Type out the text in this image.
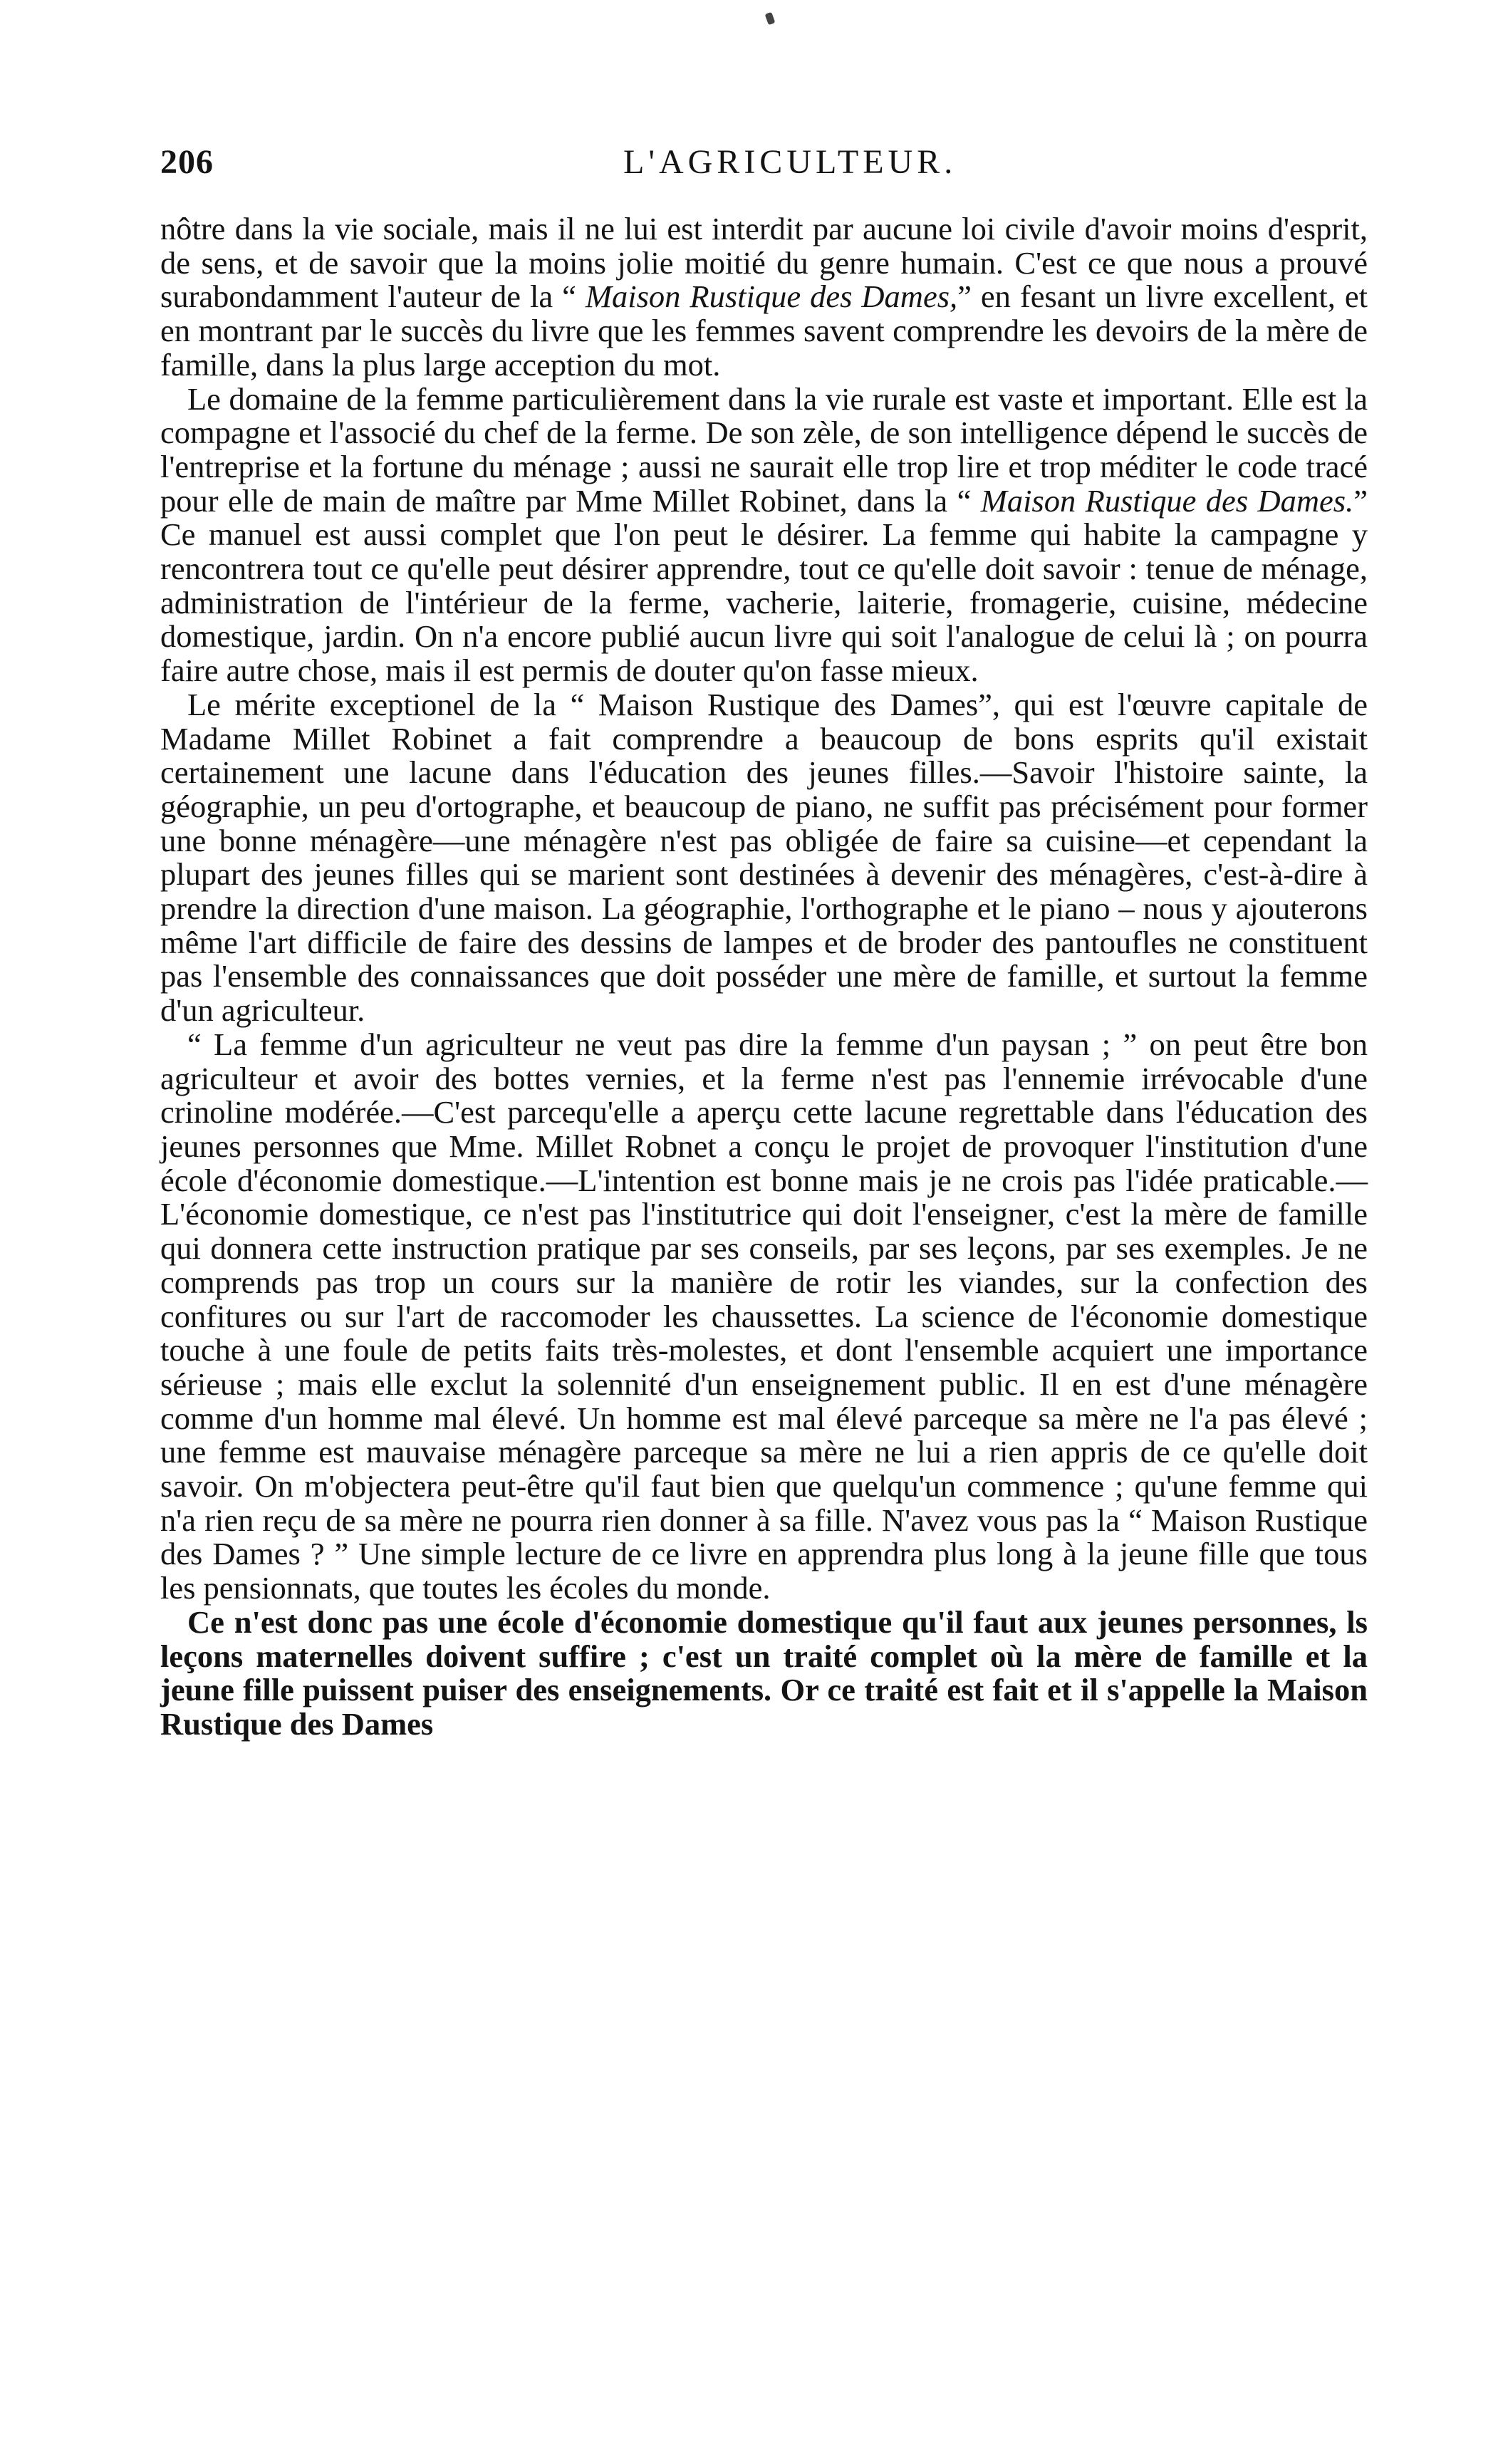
206	L'AGRICULTEUR.

nôtre dans la vie sociale, mais il ne lui est interdit par aucune loi civile d'avoir moins d'esprit, de sens, et de savoir que la moins jolie moitié du genre humain. C'est ce que nous a prouvé surabondamment l'auteur de la “ Maison Rustique des Dames,” en fesant un livre excellent, et en montrant par le succès du livre que les femmes savent comprendre les devoirs de la mère de famille, dans la plus large acception du mot.

Le domaine de la femme particulièrement dans la vie rurale est vaste et important. Elle est la compagne et l'associé du chef de la ferme. De son zèle, de son intelligence dépend le succès de l'entreprise et la fortune du ménage ; aussi ne saurait elle trop lire et trop méditer le code tracé pour elle de main de maître par Mme Millet Robinet, dans la “ Maison Rustique des Dames.” Ce manuel est aussi complet que l'on peut le désirer. La femme qui habite la campagne y rencontrera tout ce qu'elle peut désirer apprendre, tout ce qu'elle doit savoir : tenue de ménage, administration de l'intérieur de la ferme, vacherie, laiterie, fromagerie, cuisine, médecine domestique, jardin. On n'a encore publié aucun livre qui soit l'analogue de celui là ; on pourra faire autre chose, mais il est permis de douter qu'on fasse mieux.

Le mérite exceptionel de la “ Maison Rustique des Dames”, qui est l'œuvre capitale de Madame Millet Robinet a fait comprendre a beaucoup de bons esprits qu'il existait certainement une lacune dans l'éducation des jeunes filles.—Savoir l'histoire sainte, la géographie, un peu d'ortographe, et beaucoup de piano, ne suffit pas précisément pour former une bonne ménagère—une ménagère n'est pas obligée de faire sa cuisine—et cependant la plupart des jeunes filles qui se marient sont destinées à devenir des ménagères, c'est-à-dire à prendre la direction d'une maison. La géographie, l'orthographe et le piano – nous y ajouterons même l'art difficile de faire des dessins de lampes et de broder des pantoufles ne constituent pas l'ensemble des connaissances que doit posséder une mère de famille, et surtout la femme d'un agriculteur.

“ La femme d'un agriculteur ne veut pas dire la femme d'un paysan ; ” on peut être bon agriculteur et avoir des bottes vernies, et la ferme n'est pas l'ennemie irrévocable d'une crinoline modérée.—C'est parcequ'elle a aperçu cette lacune regrettable dans l'éducation des jeunes personnes que Mme. Millet Robnet a conçu le projet de provoquer l'institution d'une école d'économie domestique.—L'intention est bonne mais je ne crois pas l'idée praticable.—L'économie domestique, ce n'est pas l'institutrice qui doit l'enseigner, c'est la mère de famille qui donnera cette instruction pratique par ses conseils, par ses leçons, par ses exemples. Je ne comprends pas trop un cours sur la manière de rotir les viandes, sur la confection des confitures ou sur l'art de raccomoder les chaussettes. La science de l'économie domestique touche à une foule de petits faits très-molestes, et dont l'ensemble acquiert une importance sérieuse ; mais elle exclut la solennité d'un enseignement public. Il en est d'une ménagère comme d'un homme mal élevé. Un homme est mal élevé parceque sa mère ne l'a pas élevé ; une femme est mauvaise ménagère parceque sa mère ne lui a rien appris de ce qu'elle doit savoir. On m'objectera peut-être qu'il faut bien que quelqu'un commence ; qu'une femme qui n'a rien reçu de sa mère ne pourra rien donner à sa fille. N'avez vous pas la “ Maison Rustique des Dames ? ” Une simple lecture de ce livre en apprendra plus long à la jeune fille que tous les pensionnats, que toutes les écoles du monde.

Ce n'est donc pas une école d'économie domestique qu'il faut aux jeunes personnes, ls leçons maternelles doivent suffire ; c'est un traité complet où la mère de famille et la jeune fille puissent puiser des enseignements. Or ce traité est fait et il s'appelle la Maison Rustique des Dames
